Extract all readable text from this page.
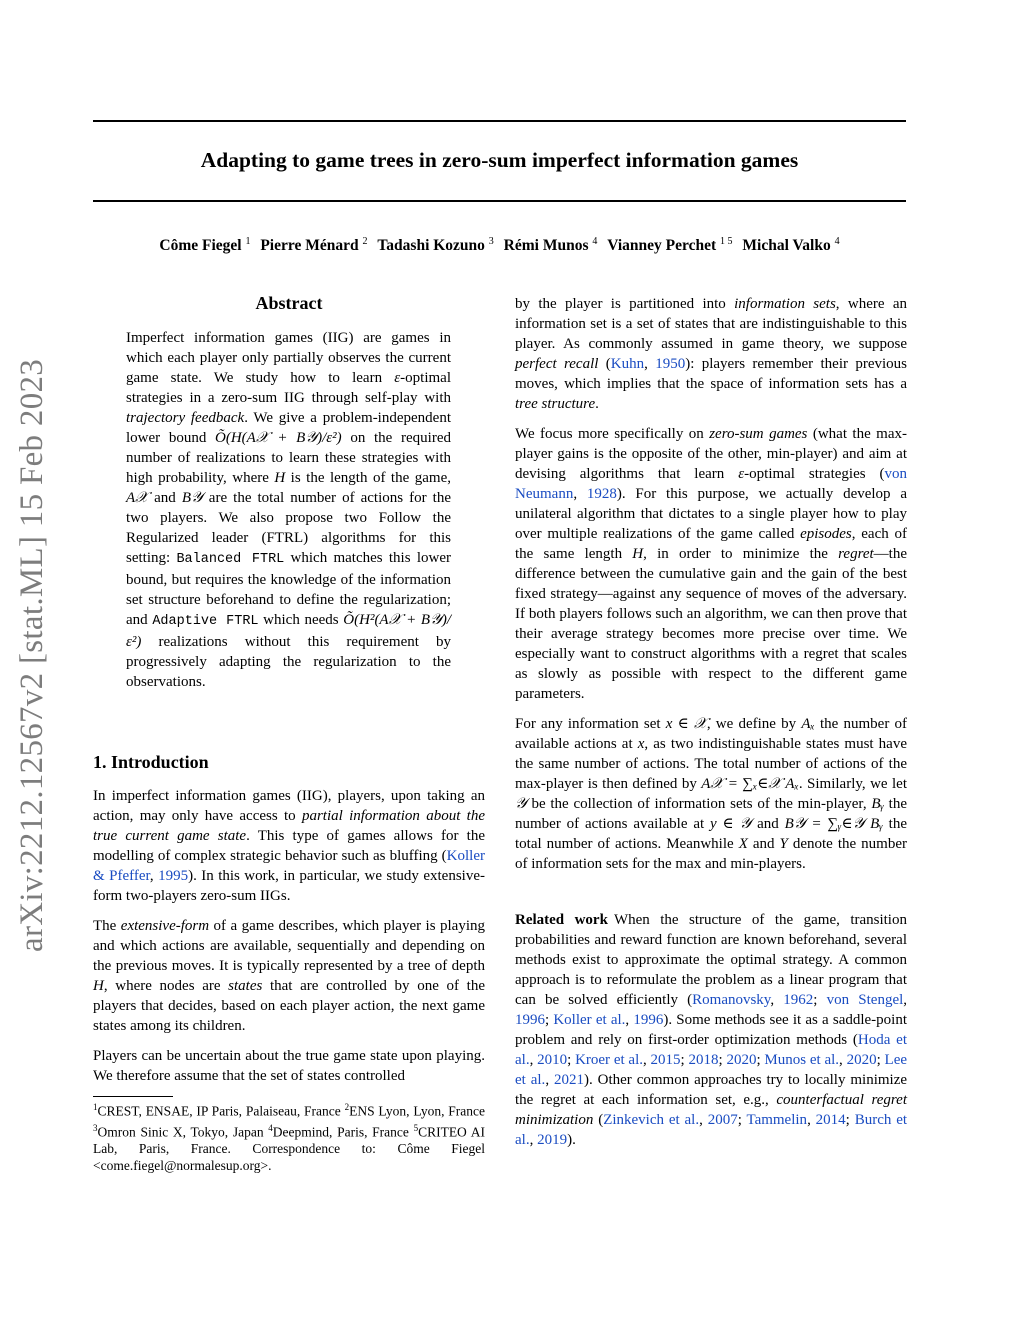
Adapting to game trees in zero-sum imperfect information games
Côme Fiegel $^1$ Pierre Ménard $^2$ Tadashi Kozuno $^3$ Rémi Munos $^4$ Vianney Perchet $^{1 5}$ Michal Valko $^4$
arXiv:2212.12567v2 [stat.ML] 15 Feb 2023
Abstract
Imperfect information games (IIG) are games in which each player only partially observes the current game state. We study how to learn ε-optimal strategies in a zero-sum IIG through self-play with trajectory feedback. We give a problem-independent lower bound Õ(H(A𝒳 + B𝒴)/ε²) on the required number of realizations to learn these strategies with high probability, where H is the length of the game, A𝒳 and B𝒴 are the total number of actions for the two players. We also propose two Follow the Regularized leader (FTRL) algorithms for this setting: Balanced FTRL which matches this lower bound, but requires the knowledge of the information set structure beforehand to define the regularization; and Adaptive FTRL which needs Õ(H²(A𝒳 + B𝒴)/ε²) realizations without this requirement by progressively adapting the regularization to the observations.
1. Introduction

In imperfect information games (IIG), players, upon taking an action, may only have access to partial information about the true current game state. This type of games allows for the modelling of complex strategic behavior such as bluffing (Koller & Pfeffer, 1995). In this work, in particular, we study extensive-form two-players zero-sum IIGs.

The extensive-form of a game describes, which player is playing and which actions are available, sequentially and depending on the previous moves. It is typically represented by a tree of depth H, where nodes are states that are controlled by one of the players that decides, based on each player action, the next game states among its children.

Players can be uncertain about the true game state upon playing. We therefore assume that the set of states controlled

$^1$CREST, ENSAE, IP Paris, Palaiseau, France $^2$ENS Lyon, Lyon, France $^3$Omron Sinic X, Tokyo, Japan $^4$Deepmind, Paris, France $^5$CRITEO AI Lab, Paris, France. Correspondence to: Côme Fiegel <come.fiegel@normalesup.org>.

by the player is partitioned into information sets, where an information set is a set of states that are indistinguishable to this player. As commonly assumed in game theory, we suppose perfect recall (Kuhn, 1950): players remember their previous moves, which implies that the space of information sets has a tree structure.

We focus more specifically on zero-sum games (what the max-player gains is the opposite of the other, min-player) and aim at devising algorithms that learn ε-optimal strategies (von Neumann, 1928). For this purpose, we actually develop a unilateral algorithm that dictates to a single player how to play over multiple realizations of the game called episodes, each of the same length H, in order to minimize the regret—the difference between the cumulative gain and the gain of the best fixed strategy—against any sequence of moves of the adversary. If both players follows such an algorithm, we can then prove that their average strategy becomes more precise over time. We especially want to construct algorithms with a regret that scales as slowly as possible with respect to the different game parameters.

For any information set x ∈ 𝒳, we define by Aₓ the number of available actions at x, as two indistinguishable states must have the same number of actions. The total number of actions of the max-player is then defined by A𝒳 = ∑ₓ∈𝒳 Aₓ. Similarly, we let 𝒴 be the collection of information sets of the min-player, Bᵧ the number of actions available at y ∈ 𝒴 and B𝒴 = ∑ᵧ∈𝒴 Bᵧ the total number of actions. Meanwhile X and Y denote the number of information sets for the max and min-players.

Related work When the structure of the game, transition probabilities and reward function are known beforehand, several methods exist to approximate the optimal strategy. A common approach is to reformulate the problem as a linear program that can be solved efficiently (Romanovsky, 1962; von Stengel, 1996; Koller et al., 1996). Some methods see it as a saddle-point problem and rely on first-order optimization methods (Hoda et al., 2010; Kroer et al., 2015; 2018; 2020; Munos et al., 2020; Lee et al., 2021). Other common approaches try to locally minimize the regret at each information set, e.g., counterfactual regret minimization (Zinkevich et al., 2007; Tammelin, 2014; Burch et al., 2019).
